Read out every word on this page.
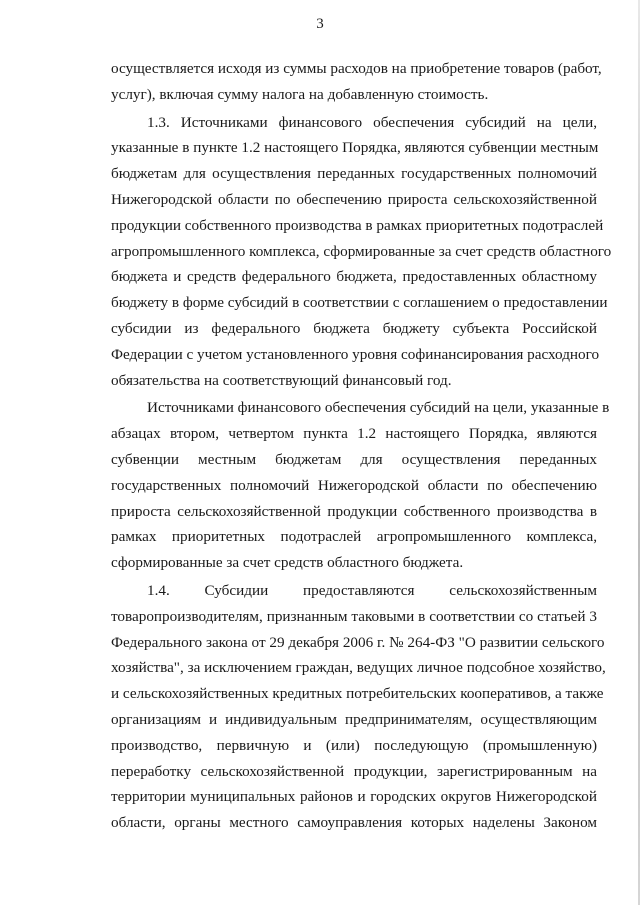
3
осуществляется исходя из суммы расходов на приобретение товаров (работ,
услуг), включая сумму налога на добавленную стоимость.
1.3. Источниками финансового обеспечения субсидий на цели,
указанные в пункте 1.2 настоящего Порядка, являются субвенции местным
бюджетам для осуществления переданных государственных полномочий
Нижегородской области по обеспечению прироста сельскохозяйственной
продукции собственного производства в рамках приоритетных подотраслей
агропромышленного комплекса, сформированные за счет средств областного
бюджета и средств федерального бюджета, предоставленных областному
бюджету в форме субсидий в соответствии с соглашением о предоставлении
субсидии из федерального бюджета бюджету субъекта Российской
Федерации с учетом установленного уровня софинансирования расходного
обязательства на соответствующий финансовый год.
Источниками финансового обеспечения субсидий на цели, указанные в
абзацах втором, четвертом пункта 1.2 настоящего Порядка, являются
субвенции местным бюджетам для осуществления переданных
государственных полномочий Нижегородской области по обеспечению
прироста сельскохозяйственной продукции собственного производства в
рамках приоритетных подотраслей агропромышленного комплекса,
сформированные за счет средств областного бюджета.
1.4. Субсидии предоставляются сельскохозяйственным
товаропроизводителям, признанным таковыми в соответствии со статьей 3
Федерального закона от 29 декабря 2006 г. № 264-ФЗ "О развитии сельского
хозяйства", за исключением граждан, ведущих личное подсобное хозяйство,
и сельскохозяйственных кредитных потребительских кооперативов, а также
организациям и индивидуальным предпринимателям, осуществляющим
производство, первичную и (или) последующую (промышленную)
переработку сельскохозяйственной продукции, зарегистрированным на
территории муниципальных районов и городских округов Нижегородской
области, органы местного самоуправления которых наделены Законом
